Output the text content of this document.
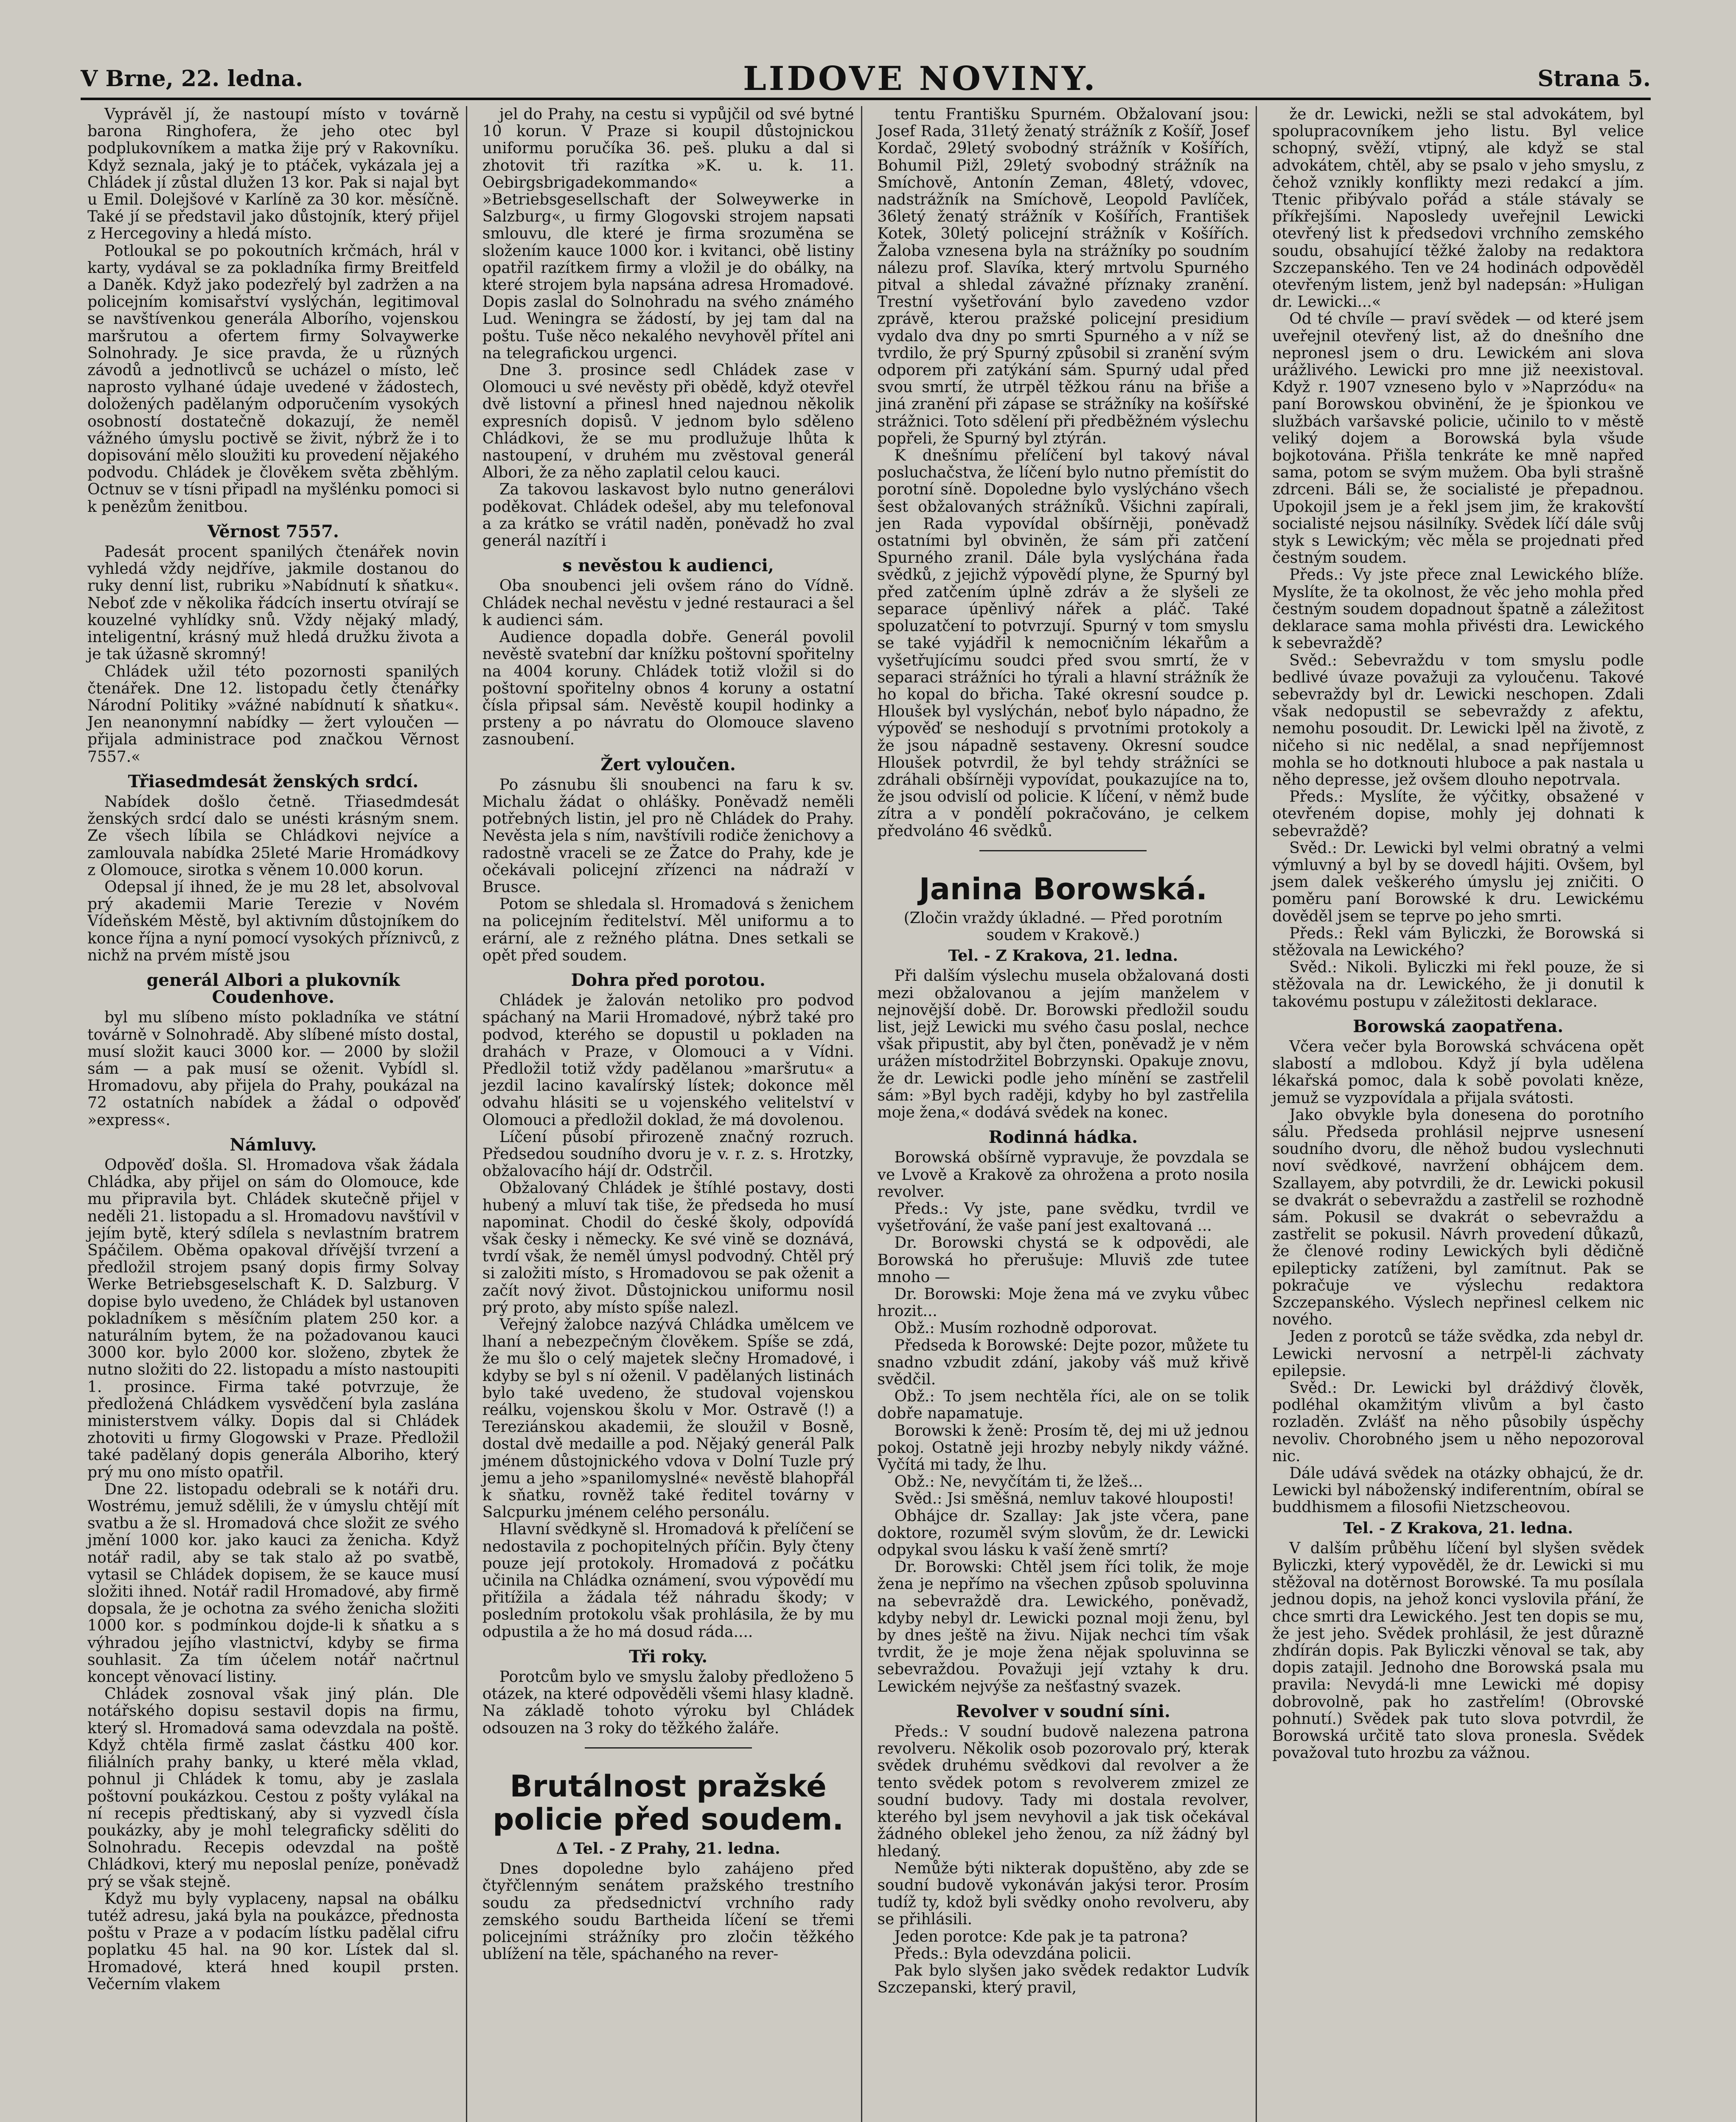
V Brne, 22. ledna.	LIDOVE NOVINY.	Strana 5.

Vyprávěl jí, že nastoupí místo v továrně barona Ringhofera, že jeho otec byl podplukovníkem a matka žije prý v Rakovníku. Když seznala, jaký je to ptáček, vykázala jej a Chládek jí zůstal dlužen 13 kor. Pak si najal byt u Emil. Dolejšové v Karlíně za 30 kor. měsíčně. Také jí se představil jako důstojník, který přijel z Hercegoviny a hledá místo.

Potloukal se po pokoutních krčmách, hrál v karty, vydával se za pokladníka firmy Breitfeld a Daněk. Když jako podezřelý byl zadržen a na policejním komisařství vyslýchán, legitimoval se navštívenkou generála Alborího, vojenskou maršrutou a ofertem firmy Solvaywerke Solnohrady. Je sice pravda, že u různých závodů a jednotlivců se ucházel o místo, leč naprosto vylhané údaje uvedené v žádostech, doložených padělaným odporučením vysokých osobností dostatečně dokazují, že neměl vážného úmyslu poctivě se živit, nýbrž že i to dopisování mělo sloužiti ku provedení nějakého podvodu. Chládek je člověkem světa zběhlým. Octnuv se v tísni připadl na myšlénku pomoci si k penězům ženitbou.

Věrnost 7557.

Padesát procent spanilých čtenářek novin vyhledá vždy nejdříve, jakmile dostanou do ruky denní list, rubriku »Nabídnutí k sňatku«. Neboť zde v několika řádcích insertu otvírají se kouzelné vyhlídky snů. Vždy nějaký mladý, inteligentní, krásný muž hledá družku života a je tak úžasně skromný!

Chládek užil této pozornosti spanilých čtenářek. Dne 12. listopadu četly čtenářky Národní Politiky »vážné nabídnutí k sňatku«. Jen neanonymní nabídky — žert vyloučen — přijala administrace pod značkou Věrnost 7557.«

Třiasedmdesát ženských srdcí.

Nabídek došlo četně. Třiasedmdesát ženských srdcí dalo se unésti krásným snem. Ze všech líbila se Chládkovi nejvíce a zamlouvala nabídka 25leté Marie Hromádkovy z Olomouce, sirotka s věnem 10.000 korun.

Odepsal jí ihned, že je mu 28 let, absolvoval prý akademii Marie Terezie v Novém Vídeňském Městě, byl aktivním důstojníkem do konce října a nyní pomocí vysokých příznivců, z nichž na prvém místě jsou

generál Albori a plukovník Coudenhove.

byl mu slíbeno místo pokladníka ve státní továrně v Solnohradě. Aby slíbené místo dostal, musí složit kauci 3000 kor. — 2000 by složil sám — a pak musí se oženit. Vybídl sl. Hromadovu, aby přijela do Prahy, poukázal na 72 ostatních nabídek a žádal o odpověď »express«.

Námluvy.

Odpověď došla. Sl. Hromadova však žádala Chládka, aby přijel on sám do Olomouce, kde mu připravila byt. Chládek skutečně přijel v neděli 21. listopadu a sl. Hromadovu navštívil v jejím bytě, který sdílela s nevlastním bratrem Spáčilem. Oběma opakoval dřívější tvrzení a předložil strojem psaný dopis firmy Solvay Werke Betriebsgeselschaft K. D. Salzburg. V dopise bylo uvedeno, že Chládek byl ustanoven pokladníkem s měsíčním platem 250 kor. a naturálním bytem, že na požadovanou kauci 3000 kor. bylo 2000 kor. složeno, zbytek že nutno složiti do 22. listopadu a místo nastoupiti 1. prosince. Firma také potvrzuje, že předložená Chládkem vysvědčení byla zaslána ministerstvem války. Dopis dal si Chládek zhotoviti u firmy Glogowski v Praze. Předložil také padělaný dopis generála Alboriho, který prý mu ono místo opatřil.

Dne 22. listopadu odebrali se k notáři dru. Wostrému, jemuž sdělili, že v úmyslu chtějí mít svatbu a že sl. Hromadová chce složit ze svého jmění 1000 kor. jako kauci za ženicha. Když notář radil, aby se tak stalo až po svatbě, vytasil se Chládek dopisem, že se kauce musí složiti ihned. Notář radil Hromadové, aby firmě dopsala, že je ochotna za svého ženicha složiti 1000 kor. s podmínkou dojde-li k sňatku a s výhradou jejího vlastnictví, kdyby se firma souhlasit. Za tím účelem notář načrtnul koncept věnovací listiny.

Chládek zosnoval však jiný plán. Dle notářského dopisu sestavil dopis na firmu, který sl. Hromadová sama odevzdala na poště. Když chtěla firmě zaslat částku 400 kor. filiálních prahy banky, u které měla vklad, pohnul ji Chládek k tomu, aby je zaslala poštovní poukázkou. Cestou z pošty vylákal na ní recepis předtiskaný, aby si vyzvedl čísla poukázky, aby je mohl telegraficky sděliti do Solnohradu. Recepis odevzdal na poště Chládkovi, který mu neposlal peníze, poněvadž prý se však stejně.

Když mu byly vyplaceny, napsal na obálku tutéž adresu, jaká byla na poukázce, přednosta poštu v Praze a v podacím lístku padělal cifru poplatku 45 hal. na 90 kor. Lístek dal sl. Hromadové, která hned koupil prsten. Večerním vlakem

jel do Prahy, na cestu si vypůjčil od své bytné 10 korun. V Praze si koupil důstojnickou uniformu poručíka 36. peš. pluku a dal si zhotovit tři razítka »K. u. k. 11. Oebirgsbrigadekommando« a »Betriebsgesellschaft der Solweywerke in Salzburg«, u firmy Glogovski strojem napsati smlouvu, dle které je firma srozuměna se složením kauce 1000 kor. i kvitanci, obě listiny opatřil razítkem firmy a vložil je do obálky, na které strojem byla napsána adresa Hromadové. Dopis zaslal do Solnohradu na svého známého Lud. Weningra se žádostí, by jej tam dal na poštu. Tuše něco nekalého nevyhověl přítel ani na telegrafickou urgenci.

Dne 3. prosince sedl Chládek zase v Olomouci u své nevěsty při obědě, když otevřel dvě listovní a přinesl hned najednou několik expresních dopisů. V jednom bylo sděleno Chládkovi, že se mu prodlužuje lhůta k nastoupení, v druhém mu zvěstoval generál Albori, že za něho zaplatil celou kauci.

Za takovou laskavost bylo nutno generálovi poděkovat. Chládek odešel, aby mu telefonoval a za krátko se vrátil naděn, poněvadž ho zval generál nazítří i

s nevěstou k audienci,

Oba snoubenci jeli ovšem ráno do Vídně. Chládek nechal nevěstu v jedné restauraci a šel k audienci sám.

Audience dopadla dobře. Generál povolil nevěstě svatební dar knížku poštovní spořitelny na 4004 koruny. Chládek totiž vložil si do poštovní spořitelny obnos 4 koruny a ostatní čísla připsal sám. Nevěstě koupil hodinky a prsteny a po návratu do Olomouce slaveno zasnoubení.

Žert vyloučen.

Po zásnubu šli snoubenci na faru k sv. Michalu žádat o ohlášky. Poněvadž neměli potřebných listin, jel pro ně Chládek do Prahy. Nevěsta jela s ním, navštívili rodiče ženichovy a radostně vraceli se ze Žatce do Prahy, kde je očekávali policejní zřízenci na nádraží v Brusce.

Potom se shledala sl. Hromadová s ženichem na policejním ředitelství. Měl uniformu a to erární, ale z režného plátna. Dnes setkali se opět před soudem.

Dohra před porotou.

Chládek je žalován netoliko pro podvod spáchaný na Marii Hromadové, nýbrž také pro podvod, kterého se dopustil u pokladen na drahách v Praze, v Olomouci a v Vídni. Předložil totiž vždy padělanou »maršrutu« a jezdil lacino kavalírský lístek; dokonce měl odvahu hlásiti se u vojenského velitelství v Olomouci a předložil doklad, že má dovolenou.

Líčení působí přirozeně značný rozruch. Předsedou soudního dvoru je v. r. z. s. Hrotzky, obžalovacího hájí dr. Odstrčil.

Obžalovaný Chládek je štíhlé postavy, dosti hubený a mluví tak tiše, že předseda ho musí napominat. Chodil do české školy, odpovídá však česky i německy. Ke své vině se doznává, tvrdí však, že neměl úmysl podvodný. Chtěl prý si založiti místo, s Hromadovou se pak oženit a začít nový život. Důstojnickou uniformu nosil prý proto, aby místo spíše nalezl.

Veřejný žalobce nazývá Chládka umělcem ve lhaní a nebezpečným člověkem. Spíše se zdá, že mu šlo o celý majetek slečny Hromadové, i kdyby se byl s ní oženil. V padělaných listinách bylo také uvedeno, že studoval vojenskou reálku, vojenskou školu v Mor. Ostravě (!) a Tereziánskou akademii, že sloužil v Bosně, dostal dvě medaille a pod. Nějaký generál Palk jménem důstojnického vdova v Dolní Tuzle prý jemu a jeho »spanilomyslné« nevěstě blahopřál k sňatku, rovněž také ředitel továrny v Salcpurku jménem celého personálu.

Hlavní svědkyně sl. Hromadová k přelíčení se nedostavila z pochopitelných příčin. Byly čteny pouze její protokoly. Hromadová z počátku učinila na Chládka oznámení, svou výpovědí mu přitížila a žádala též náhradu škody; v posledním protokolu však prohlásila, že by mu odpustila a že ho má dosud ráda....

Tři roky.

Porotcům bylo ve smyslu žaloby předloženo 5 otázek, na které odpověděli všemi hlasy kladně. Na základě tohoto výroku byl Chládek odsouzen na 3 roky do těžkého žaláře.

Brutálnost pražské policie před soudem.
Δ Tel. - Z Prahy, 21. ledna.

Dnes dopoledne bylo zahájeno před čtyřčlenným senátem pražského trestního soudu za předsednictví vrchního rady zemského soudu Bartheida líčení se třemi policejními strážníky pro zločin těžkého ublížení na těle, spáchaného na rever-

tentu Františku Spurném. Obžalovaní jsou: Josef Rada, 31letý ženatý strážník z Košíř, Josef Kordač, 29letý svobodný strážník v Košířích, Bohumil Pižl, 29letý svobodný strážník na Smíchově, Antonín Zeman, 48letý, vdovec, nadstrážník na Smíchově, Leopold Pavlíček, 36letý ženatý strážník v Košířích, František Kotek, 30letý policejní strážník v Košířích. Žaloba vznesena byla na strážníky po soudním nálezu prof. Slavíka, který mrtvolu Spurného pitval a shledal závažné příznaky zranění. Trestní vyšetřování bylo zavedeno vzdor zprávě, kterou pražské policejní presidium vydalo dva dny po smrti Spurného a v níž se tvrdilo, že prý Spurný způsobil si zranění svým odporem při zatýkání sám. Spurný udal před svou smrtí, že utrpěl těžkou ránu na břiše a jiná zranění při zápase se strážníky na košířské strážnici. Toto sdělení při předběžném výslechu popřeli, že Spurný byl ztýrán.

K dnešnímu přelíčení byl takový nával posluchačstva, že líčení bylo nutno přemístit do porotní síně. Dopoledne bylo vyslýcháno všech šest obžalovaných strážníků. Všichni zapírali, jen Rada vypovídal obšírněji, poněvadž ostatními byl obviněn, že sám při zatčení Spurného zranil. Dále byla vyslýchána řada svědků, z jejichž výpovědí plyne, že Spurný byl před zatčením úplně zdráv a že slyšeli ze separace úpěnlivý nářek a pláč. Také spoluzatčení to potvrzují. Spurný v tom smyslu se také vyjádřil k nemocničním lékařům a vyšetřujícímu soudci před svou smrtí, že v separaci strážníci ho týrali a hlavní strážník že ho kopal do břicha. Také okresní soudce p. Hloušek byl vyslýchán, neboť bylo nápadno, že výpověď se neshodují s prvotními protokoly a že jsou nápadně sestaveny. Okresní soudce Hloušek potvrdil, že byl tehdy strážníci se zdráhali obšírněji vypovídat, poukazujíce na to, že jsou odvislí od policie. K líčení, v němž bude zítra a v pondělí pokračováno, je celkem předvoláno 46 svědků.

Janina Borowská.
(Zločin vraždy úkladné. — Před porotním soudem v Krakově.)
Tel. - Z Krakova, 21. ledna.

Při dalším výslechu musela obžalovaná dosti mezi obžalovanou a jejím manželem v nejnovější době. Dr. Borowski předložil soudu list, jejž Lewicki mu svého času poslal, nechce však připustit, aby byl čten, poněvadž je v něm urážen místodržitel Bobrzynski. Opakuje znovu, že dr. Lewicki podle jeho mínění se zastřelil sám: »Byl bych raději, kdyby ho byl zastřelila moje žena,« dodává svědek na konec.

Rodinná hádka.

Borowská obšírně vypravuje, že povzdala se ve Lvově a Krakově za ohrožena a proto nosila revolver.

Předs.: Vy jste, pane svědku, tvrdil ve vyšetřování, že vaše paní jest exaltovaná ...

Dr. Borowski chystá se k odpovědi, ale Borowská ho přerušuje: Mluviš zde tutee mnoho —

Dr. Borowski: Moje žena má ve zvyku vůbec hrozit...

Obž.: Musím rozhodně odporovat.

Předseda k Borowské: Dejte pozor, můžete tu snadno vzbudit zdání, jakoby váš muž křivě svědčil.

Obž.: To jsem nechtěla říci, ale on se tolik dobře napamatuje.

Borowski k ženě: Prosím tě, dej mi už jednou pokoj. Ostatně jeji hrozby nebyly nikdy vážné. Vyčítá mi tady, že lhu.

Obž.: Ne, nevyčítám ti, že lžeš...

Svěd.: Jsi směšná, nemluv takové hlouposti!

Obhájce dr. Szallay: Jak jste včera, pane doktore, rozuměl svým slovům, že dr. Lewicki odpykal svou lásku k vaší ženě smrtí?

Dr. Borowski: Chtěl jsem říci tolik, že moje žena je nepřímo na všechen způsob spoluvinna na sebevraždě dra. Lewického, poněvadž, kdyby nebyl dr. Lewicki poznal moji ženu, byl by dnes ještě na živu. Nijak nechci tím však tvrdit, že je moje žena nějak spoluvinna se sebevraždou. Považuji její vztahy k dru. Lewickém nejvýše za nešťastný svazek.

Revolver v soudní síni.

Předs.: V soudní budově nalezena patrona revolveru. Několik osob pozorovalo prý, kterak svědek druhému svědkovi dal revolver a že tento svědek potom s revolverem zmizel ze soudní budovy. Tady mi dostala revolver, kterého byl jsem nevyhovil a jak tisk očekával žádného oblekel jeho ženou, za níž žádný byl hledaný.

Nemůže býti nikterak dopuštěno, aby zde se soudní budově vykonáván jakýsi teror. Prosím tudíž ty, kdož byli svědky onoho revolveru, aby se přihlásili.

Jeden porotce: Kde pak je ta patrona?

Předs.: Byla odevzdána policii.

Pak bylo slyšen jako svědek redaktor Ludvík Szczepanski, který pravil,

že dr. Lewicki, nežli se stal advokátem, byl spolupracovníkem jeho listu. Byl velice schopný, svěží, vtipný, ale když se stal advokátem, chtěl, aby se psalo v jeho smyslu, z čehož vznikly konflikty mezi redakcí a jím. Ttenic přibývalo pořád a stále stávaly se příkřejšími. Naposledy uveřejnil Lewicki otevřený list k předsedovi vrchního zemského soudu, obsahující těžké žaloby na redaktora Szczepanského. Ten ve 24 hodinách odpověděl otevřeným listem, jenž byl nadepsán: »Huligan dr. Lewicki...«

Od té chvíle — praví svědek — od které jsem uveřejnil otevřený list, až do dnešního dne nepronesl jsem o dru. Lewickém ani slova urážlivého. Lewicki pro mne již neexistoval. Když r. 1907 vzneseno bylo v »Naprzódu« na paní Borowskou obvinění, že je špionkou ve službách varšavské policie, učinilo to v městě veliký dojem a Borowská byla všude bojkotována. Přišla tenkráte ke mně napřed sama, potom se svým mužem. Oba byli strašně zdrceni. Báli se, že socialisté je přepadnou. Upokojil jsem je a řekl jsem jim, že krakovští socialisté nejsou násilníky. Svědek líčí dále svůj styk s Lewickým; věc měla se projednati před čestným soudem.

Předs.: Vy jste přece znal Lewického blíže. Myslíte, že ta okolnost, že věc jeho mohla před čestným soudem dopadnout špatně a záležitost deklarace sama mohla přivésti dra. Lewického k sebevraždě?

Svěd.: Sebevraždu v tom smyslu podle bedlivé úvaze považuji za vyloučenu. Takové sebevraždy byl dr. Lewicki neschopen. Zdali však nedopustil se sebevraždy z afektu, nemohu posoudit. Dr. Lewicki lpěl na životě, z ničeho si nic nedělal, a snad nepříjemnost mohla se ho dotknouti hluboce a pak nastala u něho depresse, jež ovšem dlouho nepotrvala.

Předs.: Myslíte, že výčitky, obsažené v otevřeném dopise, mohly jej dohnati k sebevraždě?

Svěd.: Dr. Lewicki byl velmi obratný a velmi výmluvný a byl by se dovedl hájiti. Ovšem, byl jsem dalek veškerého úmyslu jej zničiti. O poměru paní Borowské k dru. Lewickému dověděl jsem se teprve po jeho smrti.

Předs.: Řekl vám Byliczki, že Borowská si stěžovala na Lewického?

Svěd.: Nikoli. Byliczki mi řekl pouze, že si stěžovala na dr. Lewického, že ji donutil k takovému postupu v záležitosti deklarace.

Borowská zaopatřena.

Včera večer byla Borowská schvácena opět slabostí a mdlobou. Když jí byla udělena lékařská pomoc, dala k sobě povolati kněze, jemuž se vyzpovídala a přijala svátosti.

Jako obvykle byla donesena do porotního sálu. Předseda prohlásil nejprve usnesení soudního dvoru, dle něhož budou vyslechnuti noví svědkové, navržení obhájcem dem. Szallayem, aby potvrdili, že dr. Lewicki pokusil se dvakrát o sebevraždu a zastřelil se rozhodně sám. Pokusil se dvakrát o sebevraždu a zastřelit se pokusil. Návrh provedení důkazů, že členové rodiny Lewických byli dědičně epilepticky zatíženi, byl zamítnut. Pak se pokračuje ve výslechu redaktora Szczepanského. Výslech nepřinesl celkem nic nového.

Jeden z porotců se táže svědka, zda nebyl dr. Lewicki nervosní a netrpěl-li záchvaty epilepsie.

Svěd.: Dr. Lewicki byl dráždivý člověk, podléhal okamžitým vlivům a byl často rozladěn. Zvlášť na něho působily úspěchy nevoliv. Chorobného jsem u něho nepozoroval nic.

Dále udává svědek na otázky obhajcú, že dr. Lewicki byl náboženský indiferentním, obíral se buddhismem a filosofii Nietzscheovou.

Tel. - Z Krakova, 21. ledna.

V dalším průběhu líčení byl slyšen svědek Byliczki, který vypověděl, že dr. Lewicki si mu stěžoval na dotěrnost Borowské. Ta mu posílala jednou dopis, na jehož konci vyslovila přání, že chce smrti dra Lewického. Jest ten dopis se mu, že jest jeho. Svědek prohlásil, že jest důrazně zhdírán dopis. Pak Byliczki věnoval se tak, aby dopis zatajil. Jednoho dne Borowská psala mu pravila: Nevydá-li mne Lewicki mé dopisy dobrovolně, pak ho zastřelím! (Obrovské pohnutí.) Svědek pak tuto slova potvrdil, že Borowská určitě tato slova pronesla. Svědek považoval tuto hrozbu za vážnou.
